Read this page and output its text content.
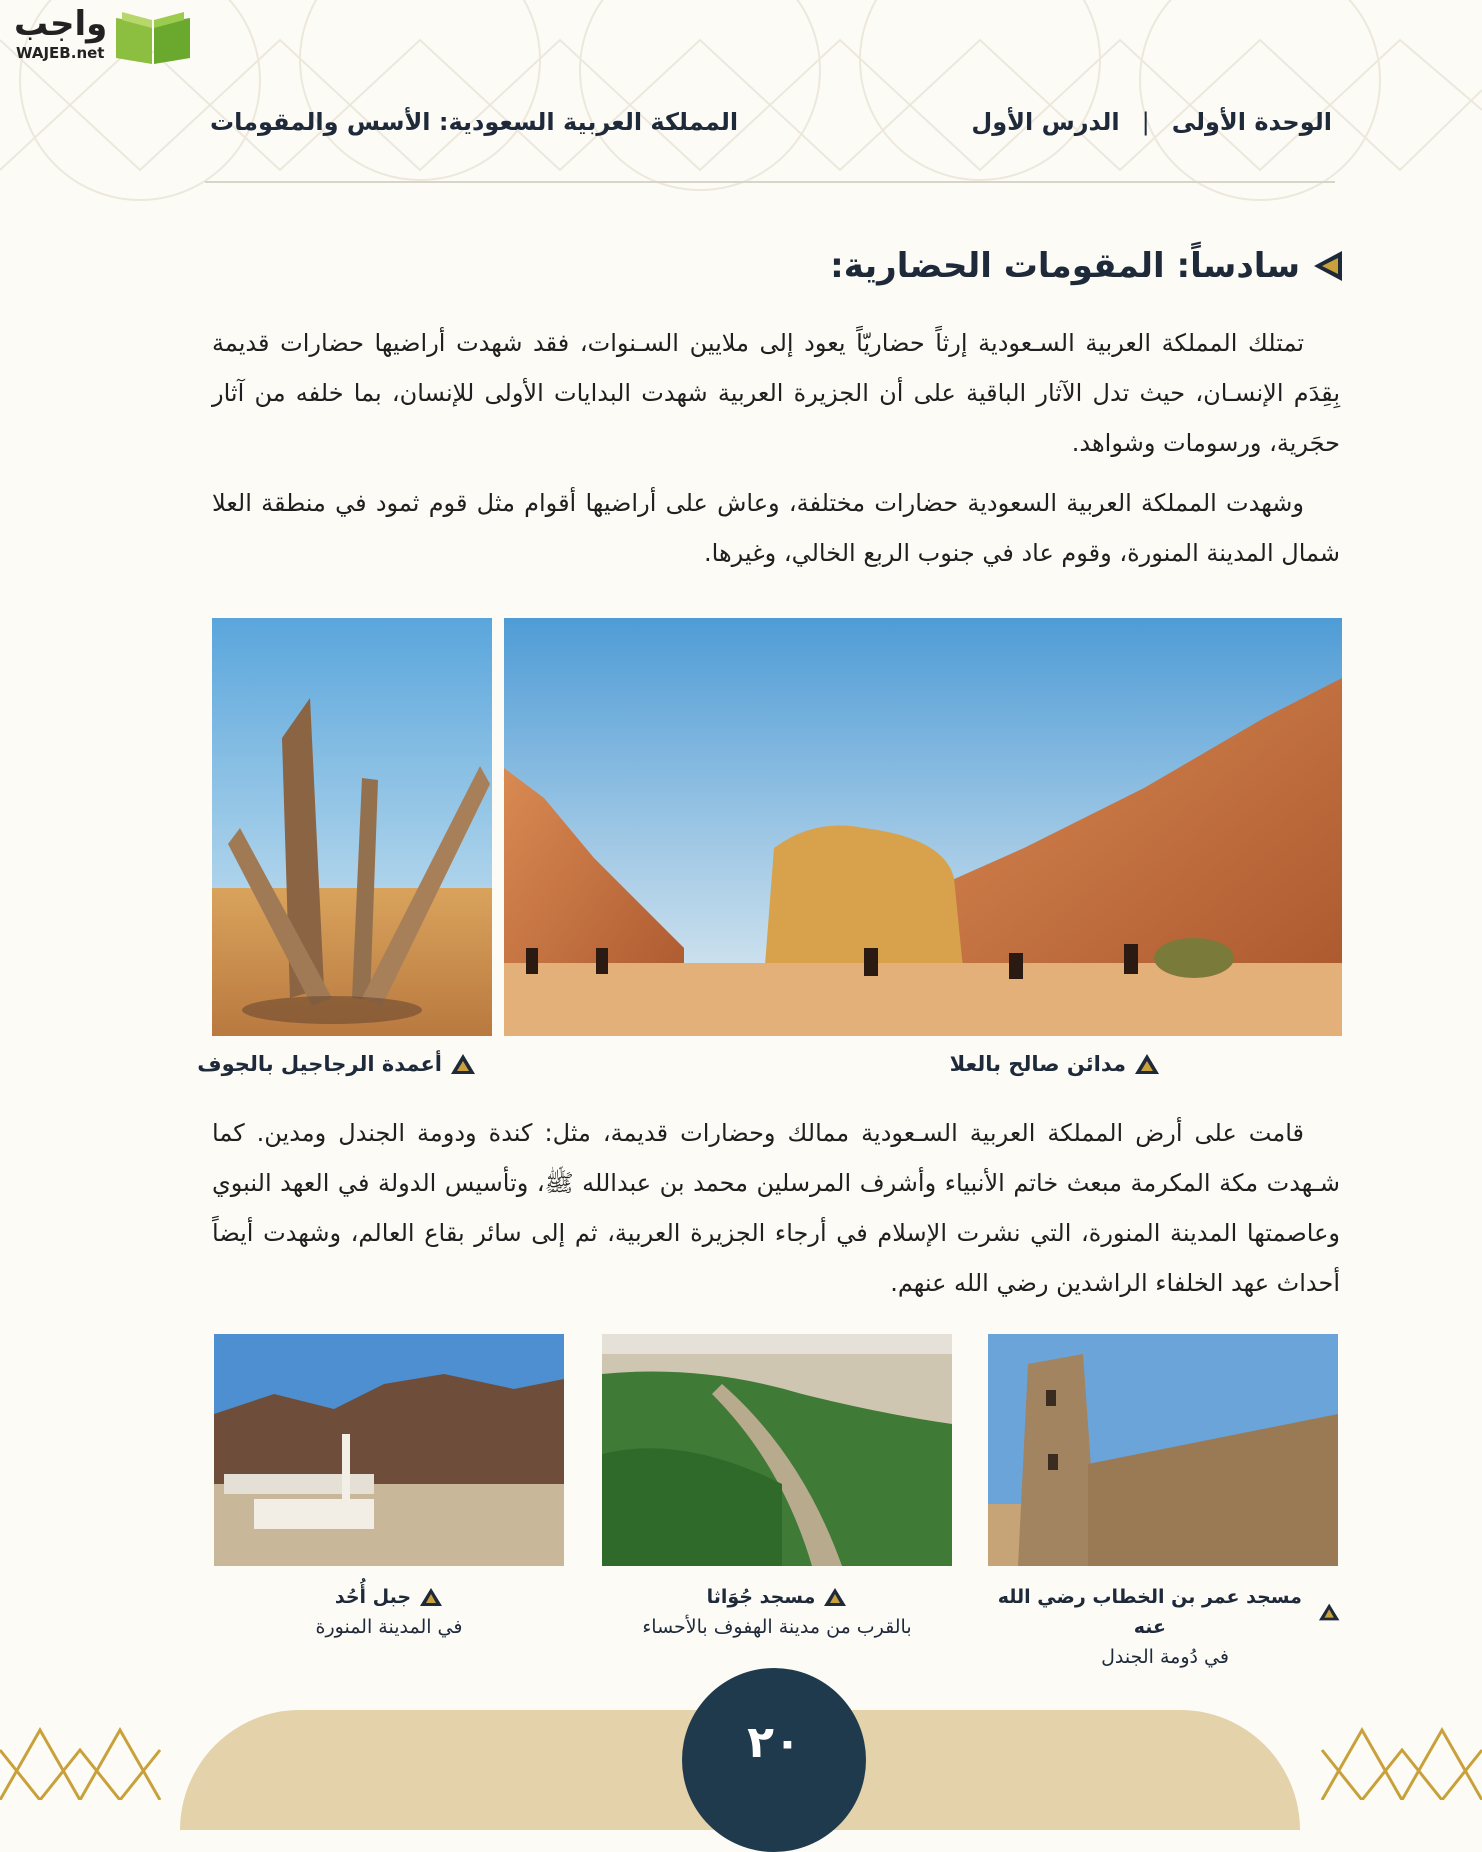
واجب
WAJEB.net
الوحدة الأولى|الدرس الأول
المملكة العربية السعودية: الأسس والمقومات
سادساً: المقومات الحضارية:
تمتلك المملكة العربية السـعودية إرثاً حضاريّاً يعود إلى ملايين السـنوات، فقد شهدت أراضيها حضارات قديمة بِقِدَم الإنسـان، حيث تدل الآثار الباقية على أن الجزيرة العربية شهدت البدايات الأولى للإنسان، بما خلفه من آثار حجَرية، ورسومات وشواهد.
وشهدت المملكة العربية السعودية حضارات مختلفة، وعاش على أراضيها أقوام مثل قوم ثمود في منطقة العلا شمال المدينة المنورة، وقوم عاد في جنوب الربع الخالي، وغيرها.
مدائن صالح بالعلا
أعمدة الرجاجيل بالجوف
قامت على أرض المملكة العربية السـعودية ممالك وحضارات قديمة، مثل: كندة ودومة الجندل ومدين. كما شـهدت مكة المكرمة مبعث خاتم الأنبياء وأشرف المرسلين محمد بن عبدالله ﷺ، وتأسيس الدولة في العهد النبوي وعاصمتها المدينة المنورة، التي نشرت الإسلام في أرجاء الجزيرة العربية، ثم إلى سائر بقاع العالم، وشهدت أيضاً أحداث عهد الخلفاء الراشدين رضي الله عنهم.
مسجد عمر بن الخطاب رضي الله عنه
في دُومة الجندل
مسجد جُوَاثا
بالقرب من مدينة الهفوف بالأحساء
جبل أُحُد
في المدينة المنورة
٢٠
